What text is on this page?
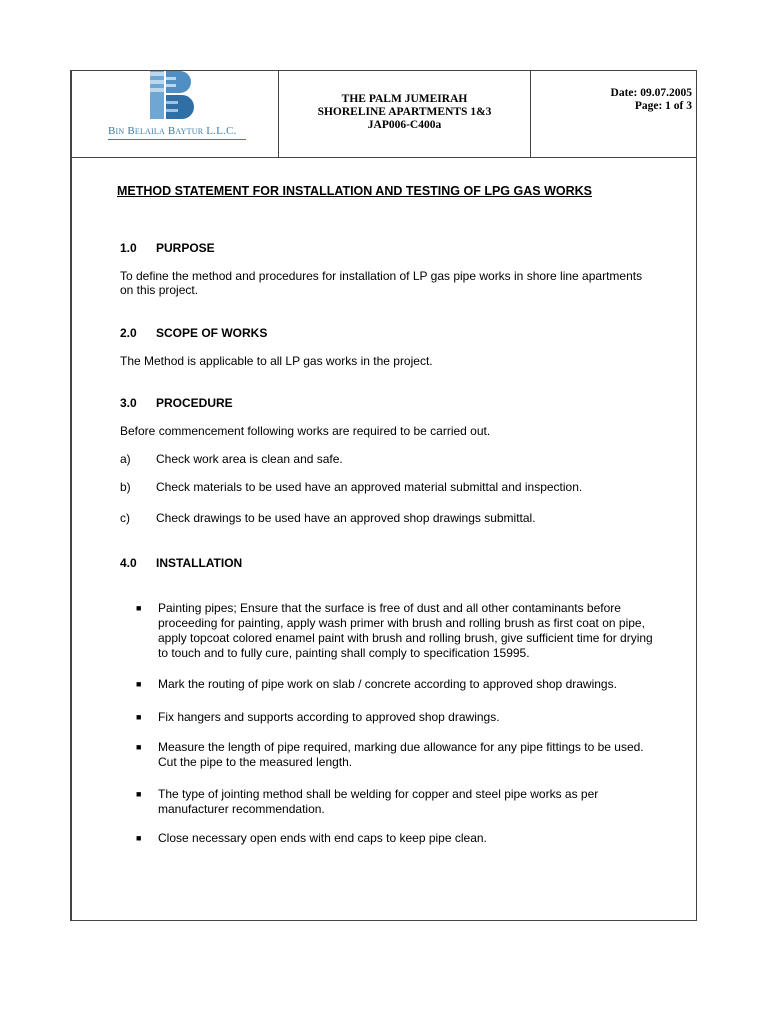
Bin Belaila Baytur L.L.C.
THE PALM JUMEIRAH
SHORELINE APARTMENTS 1&3
JAP006-C400a
Date: 09.07.2005
Page: 1 of 3
METHOD STATEMENT FOR INSTALLATION AND TESTING OF LPG GAS WORKS
1.0 PURPOSE
To define the method and procedures for installation of LP gas pipe works in shore line apartments
on this project.
2.0 SCOPE OF WORKS
The Method is applicable to all LP gas works in the project.
3.0 PROCEDURE
Before commencement following works are required to be carried out.
a) Check work area is clean and safe.
b) Check materials to be used have an approved material submittal and inspection.
c) Check drawings to be used have an approved shop drawings submittal.
4.0 INSTALLATION
■ Painting pipes; Ensure that the surface is free of dust and all other contaminants before
proceeding for painting, apply wash primer with brush and rolling brush as first coat on pipe,
apply topcoat colored enamel paint with brush and rolling brush, give sufficient time for drying
to touch and to fully cure, painting shall comply to specification 15995.
■ Mark the routing of pipe work on slab / concrete according to approved shop drawings.
■ Fix hangers and supports according to approved shop drawings.
■ Measure the length of pipe required, marking due allowance for any pipe fittings to be used.
Cut the pipe to the measured length.
■ The type of jointing method shall be welding for copper and steel pipe works as per
manufacturer recommendation.
■ Close necessary open ends with end caps to keep pipe clean.
